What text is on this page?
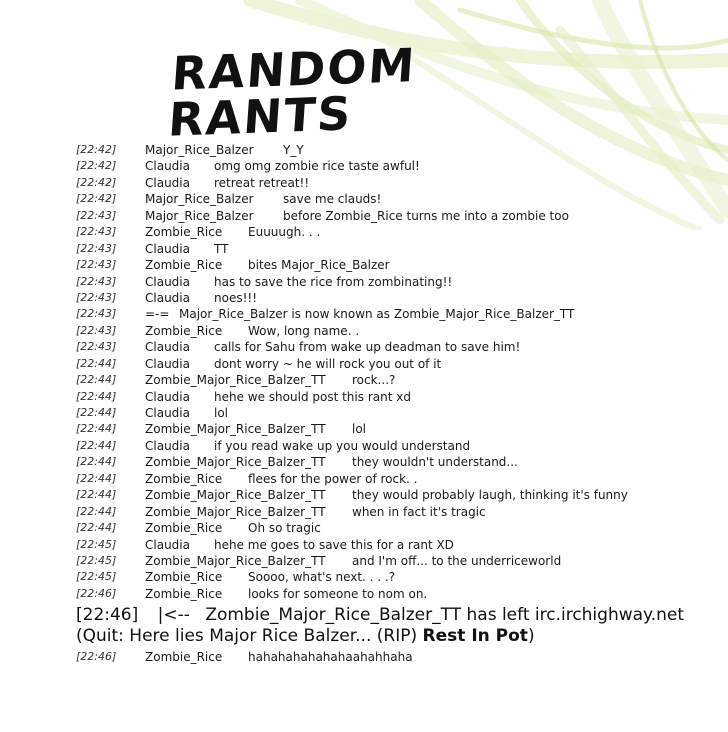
RANDOM RANTS
[22:42] Major_Rice_Balzer Y_Y
[22:42] Claudia omg omg zombie rice taste awful!
[22:42] Claudia retreat retreat!!
[22:42] Major_Rice_Balzer save me clauds!
[22:43] Major_Rice_Balzer before Zombie_Rice turns me into a zombie too
[22:43] Zombie_Rice Euuuugh. . .
[22:43] Claudia TT
[22:43] Zombie_Rice bites Major_Rice_Balzer
[22:43] Claudia has to save the rice from zombinating!!
[22:43] Claudia noes!!!
[22:43] =-= Major_Rice_Balzer is now known as Zombie_Major_Rice_Balzer_TT
[22:43] Zombie_Rice Wow, long name. .
[22:43] Claudia calls for Sahu from wake up deadman to save him!
[22:44] Claudia dont worry ~ he will rock you out of it
[22:44] Zombie_Major_Rice_Balzer_TT rock...?
[22:44] Claudia hehe we should post this rant xd
[22:44] Claudia lol
[22:44] Zombie_Major_Rice_Balzer_TT lol
[22:44] Claudia if you read wake up you would understand
[22:44] Zombie_Major_Rice_Balzer_TT they wouldn't understand...
[22:44] Zombie_Rice flees for the power of rock. .
[22:44] Zombie_Major_Rice_Balzer_TT they would probably laugh, thinking it's funny
[22:44] Zombie_Major_Rice_Balzer_TT when in fact it's tragic
[22:44] Zombie_Rice Oh so tragic
[22:45] Claudia hehe me goes to save this for a rant XD
[22:45] Zombie_Major_Rice_Balzer_TT and I'm off... to the underriceworld
[22:45] Zombie_Rice Soooo, what's next. . . .?
[22:46] Zombie_Rice looks for someone to nom on.
[22:46] |<-- Zombie_Major_Rice_Balzer_TT has left irc.irchighway.net (Quit: Here lies Major Rice Balzer... (RIP) Rest In Pot)
[22:46] Zombie_Rice hahahahahahahaahahhaha
